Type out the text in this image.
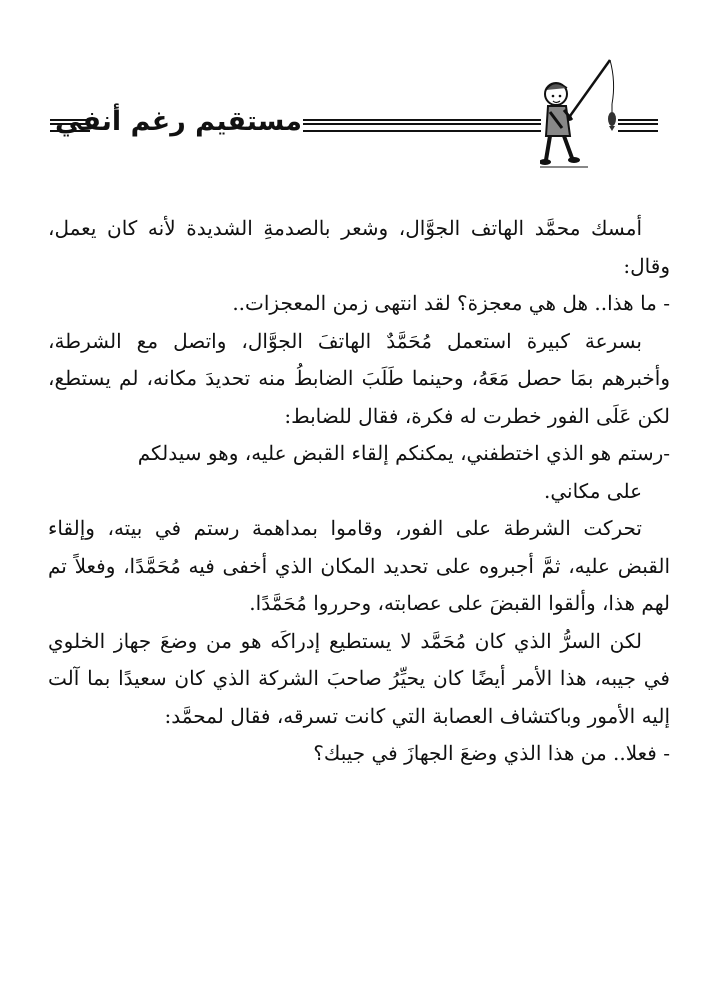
مستقيم رغم أنفي

أمسك محمَّد الهاتف الجوَّال، وشعر بالصدمةِ الشديدة لأنه كان يعمل، وقال:

- ما هذا.. هل هي معجزة؟ لقد انتهى زمن المعجزات..

بسرعة كبيرة استعمل مُحَمَّدٌ الهاتفَ الجوَّال، واتصل مع الشرطة، وأخبرهم بمَا حصل مَعَهُ، وحينما طَلَبَ الضابطُ منه تحديدَ مكانه، لم يستطع، لكن عَلَى الفور خطرت له فكرة، فقال للضابط:

-رستم هو الذي اختطفني، يمكنكم إلقاء القبض عليه، وهو سيدلكم

على مكاني.

تحركت الشرطة على الفور، وقاموا بمداهمة رستم في بيته، وإلقاء القبض عليه، ثمَّ أجبروه على تحديد المكان الذي أخفى فيه مُحَمَّدًا، وفعلاً تم لهم هذا، وألقوا القبضَ على عصابته، وحرروا مُحَمَّدًا.

لكن السرُّ الذي كان مُحَمَّد لا يستطيع إدراكَه هو من وضعَ جهاز الخلوي في جيبه، هذا الأمر أيضًا كان يحيِّرُ صاحبَ الشركة الذي كان سعيدًا بما آلت إليه الأمور وباكتشاف العصابة التي كانت تسرقه، فقال لمحمَّد:

- فعلا.. من هذا الذي وضعَ الجهازَ في جيبك؟
